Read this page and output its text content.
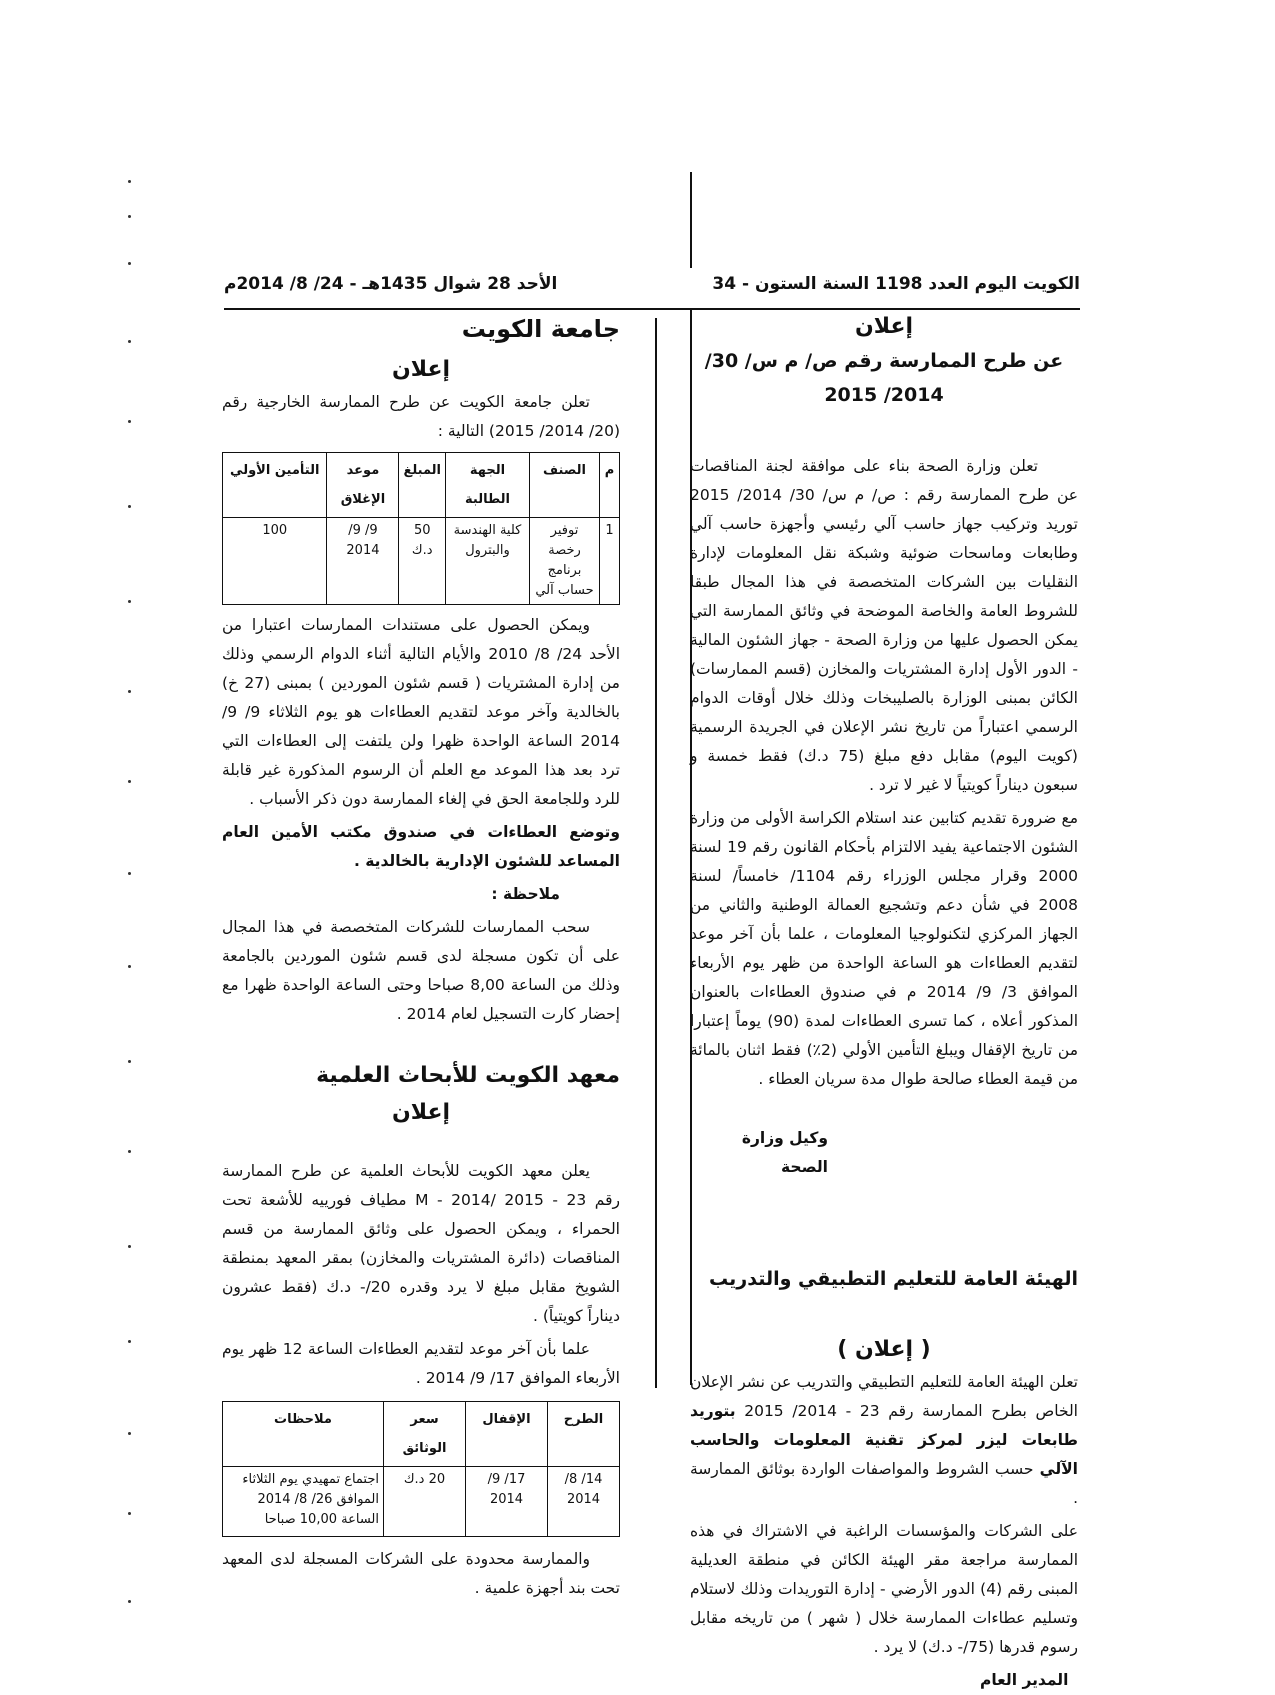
الكويت اليوم العدد 1198 السنة الستون - 34
الأحد 28 شوال 1435هـ - 24/ 8/ 2014م
إعلان
عن طرح الممارسة رقم ص/ م س/ 30/ 2014/ 2015

تعلن وزارة الصحة بناء على موافقة لجنة المناقصات عن طرح الممارسة رقم : ص/ م س/ 30/ 2014/ 2015 توريد وتركيب جهاز حاسب آلي رئيسي وأجهزة حاسب آلي وطابعات وماسحات ضوئية وشبكة نقل المعلومات لإدارة النقليات بين الشركات المتخصصة في هذا المجال طبقا للشروط العامة والخاصة الموضحة في وثائق الممارسة التي يمكن الحصول عليها من وزارة الصحة - جهاز الشئون المالية - الدور الأول إدارة المشتريات والمخازن (قسم الممارسات) الكائن بمبنى الوزارة بالصليبخات وذلك خلال أوقات الدوام الرسمي اعتباراً من تاريخ نشر الإعلان في الجريدة الرسمية (كويت اليوم) مقابل دفع مبلغ (75 د.ك) فقط خمسة و سبعون ديناراً كويتياً لا غير لا ترد .

مع ضرورة تقديم كتابين عند استلام الكراسة الأولى من وزارة الشئون الاجتماعية يفيد الالتزام بأحكام القانون رقم 19 لسنة 2000 وقرار مجلس الوزراء رقم 1104/ خامساً/ لسنة 2008 في شأن دعم وتشجيع العمالة الوطنية والثاني من الجهاز المركزي لتكنولوجيا المعلومات ، علما بأن آخر موعد لتقديم العطاءات هو الساعة الواحدة من ظهر يوم الأربعاء الموافق 3/ 9/ 2014 م في صندوق العطاءات بالعنوان المذكور أعلاه ، كما تسرى العطاءات لمدة (90) يوماً إعتبارا من تاريخ الإقفال ويبلغ التأمين الأولي (2٪) فقط اثنان بالمائة من قيمة العطاء صالحة طوال مدة سريان العطاء .

وكيل وزارة الصحة
الهيئة العامة للتعليم التطبيقي والتدريب
( إعلان )

تعلن الهيئة العامة للتعليم التطبيقي والتدريب عن نشر الإعلان الخاص بطرح الممارسة رقم 23 - 2014/ 2015 بتوريد طابعات ليزر لمركز تقنية المعلومات والحاسب الآلي حسب الشروط والمواصفات الواردة بوثائق الممارسة .

على الشركات والمؤسسات الراغبة في الاشتراك في هذه الممارسة مراجعة مقر الهيئة الكائن في منطقة العديلية المبنى رقم (4) الدور الأرضي - إدارة التوريدات وذلك لاستلام وتسليم عطاءات الممارسة خلال ( شهر ) من تاريخه مقابل رسوم قدرها (75/- د.ك) لا يرد .

المدير العام
جامعة الكويت
إعلان

تعلن جامعة الكويت عن طرح الممارسة الخارجية رقم (20/ 2014/ 2015) التالية :

م	الصنف	الجهة الطالبة	المبلغ	موعد الإغلاق	التأمين الأولي
1	توفير رخصة برنامج حساب آلي	كلية الهندسة والبترول	50 د.ك	9/ 9/ 2014	100

ويمكن الحصول على مستندات الممارسات اعتبارا من الأحد 24/ 8/ 2010 والأيام التالية أثناء الدوام الرسمي وذلك من إدارة المشتريات ( قسم شئون الموردين ) بمبنى (27 خ) بالخالدية وآخر موعد لتقديم العطاءات هو يوم الثلاثاء 9/ 9/ 2014 الساعة الواحدة ظهرا ولن يلتفت إلى العطاءات التي ترد بعد هذا الموعد مع العلم أن الرسوم المذكورة غير قابلة للرد وللجامعة الحق في إلغاء الممارسة دون ذكر الأسباب .

وتوضع العطاءات في صندوق مكتب الأمين العام المساعد للشئون الإدارية بالخالدية .

ملاحظة :

سحب الممارسات للشركات المتخصصة في هذا المجال على أن تكون مسجلة لدى قسم شئون الموردين بالجامعة وذلك من الساعة 8,00 صباحا وحتى الساعة الواحدة ظهرا مع إحضار كارت التسجيل لعام 2014 .

معهد الكويت للأبحاث العلمية
إعلان

يعلن معهد الكويت للأبحاث العلمية عن طرح الممارسة رقم 23 - M - 2014/ 2015 مطياف فورييه للأشعة تحت الحمراء ، ويمكن الحصول على وثائق الممارسة من قسم المناقصات (دائرة المشتريات والمخازن) بمقر المعهد بمنطقة الشويخ مقابل مبلغ لا يرد وقدره 20/- د.ك (فقط عشرون ديناراً كويتياً) .

علما بأن آخر موعد لتقديم العطاءات الساعة 12 ظهر يوم الأربعاء الموافق 17/ 9/ 2014 .

الطرح	الإقفال	سعر الوثائق	ملاحظات
14/ 8/ 2014	17/ 9/ 2014	20 د.ك	اجتماع تمهيدي يوم الثلاثاء الموافق 26/ 8/ 2014 الساعة 10,00 صباحا

والممارسة محدودة على الشركات المسجلة لدى المعهد تحت بند أجهزة علمية .
